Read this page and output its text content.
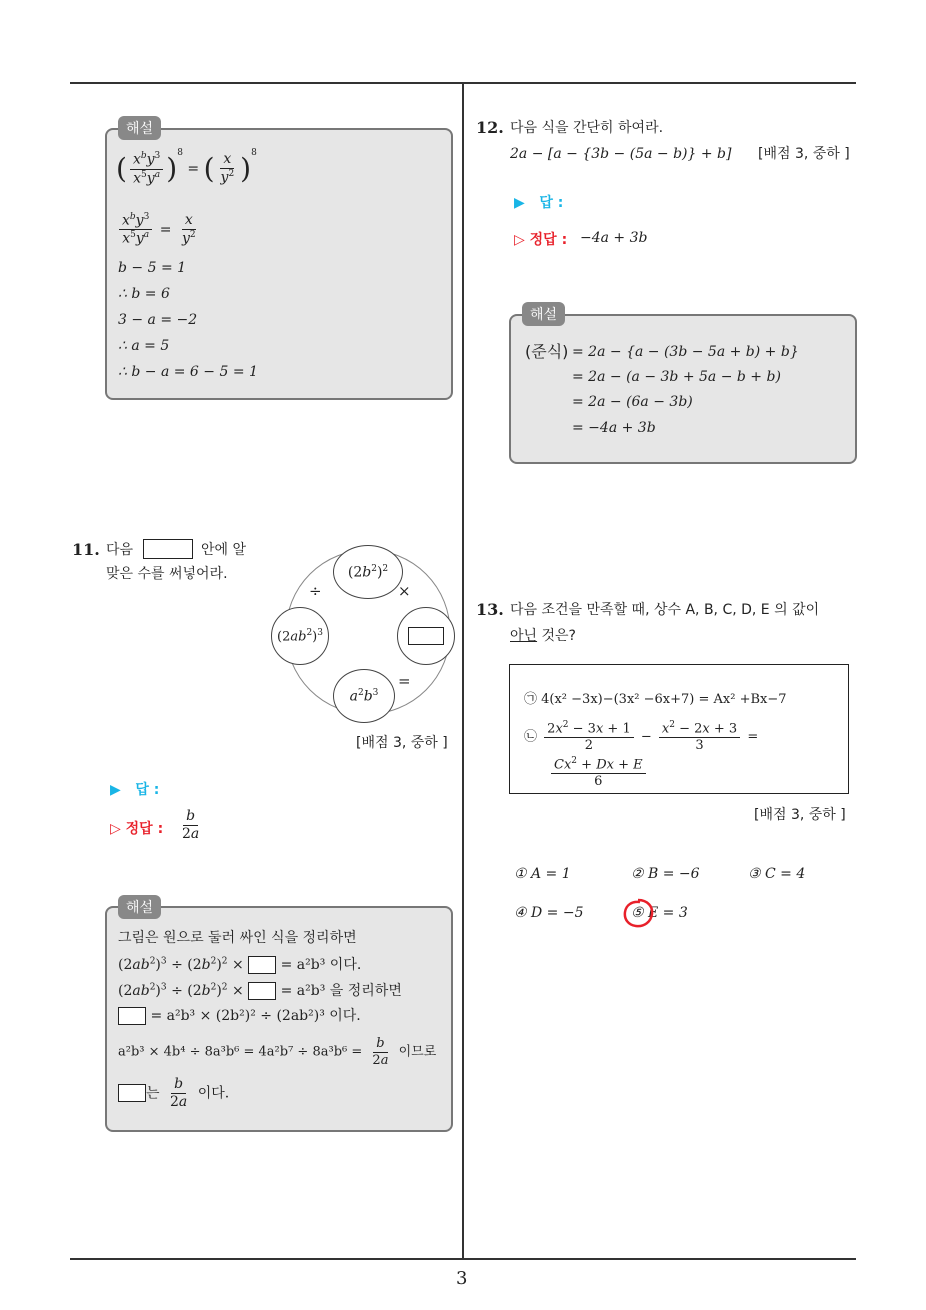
3
해설
( $\frac{x^by^3}{x^5y^a} )^8$ = ( $\frac{x}{y^2} )^8$
$\frac{x^by^3}{x^5y^a} = \frac{x}{y^2}$
b − 5 = 1
∴ b = 6
3 − a = −2
∴ a = 5
∴ b − a = 6 − 5 = 1
11. 다음	안에 알
맞은 수를 써넣어라.	$(2b^2)^2$
$(2ab^2)^3$
$a^2b^3$
÷	×
=
[배점 3, 중하 ]
▶   답 :
▷ 정답 : $\frac{b}{2a}$
해설
그림은 원으로 둘러 싸인 식을 정리하면
$(2ab^2)^3 \div (2b^2)^2$ ×  = a²b³ 이다.
$(2ab^2)^3 \div (2b^2)^2$ ×  = a²b³ 을 정리하면
= a²b³ × (2b²)² ÷ (2ab²)³ 이다.
$a^2b^3 \times 4b^4 \div 8a^3b^6 = 4a^2b^7 \div 8a^3b^6 = \frac{b}{2a}$ 이므로
는 $\frac{b}{2a}$ 이다.
12. 다음 식을 간단히 하여라.
2a − [a − {3b − (5a − b)} + b] [배점 3, 중하 ]
▶   답 :
▷ 정답 : −4a + 3b
해설
(준식) = 2a − {a − (3b − 5a + b) + b}
= 2a − (a − 3b + 5a − b + b)
= 2a − (6a − 3b)
= −4a + 3b
13. 다음 조건을 만족할 때, 상수 A, B, C, D, E 의 값이
아닌 것은?
㉠ 4(x² −3x)−(3x² −6x+7) = Ax² +Bx−7
㉡ $\frac{2x^2 - 3x + 1}{2} - \frac{x^2 - 2x + 3}{3}$ =
$\frac{Cx^2 + Dx + E}{6}$
[배점 3, 중하 ]
① A = 1	② B = −6	③ C = 4
④ D = −5	⑤ E = 3
